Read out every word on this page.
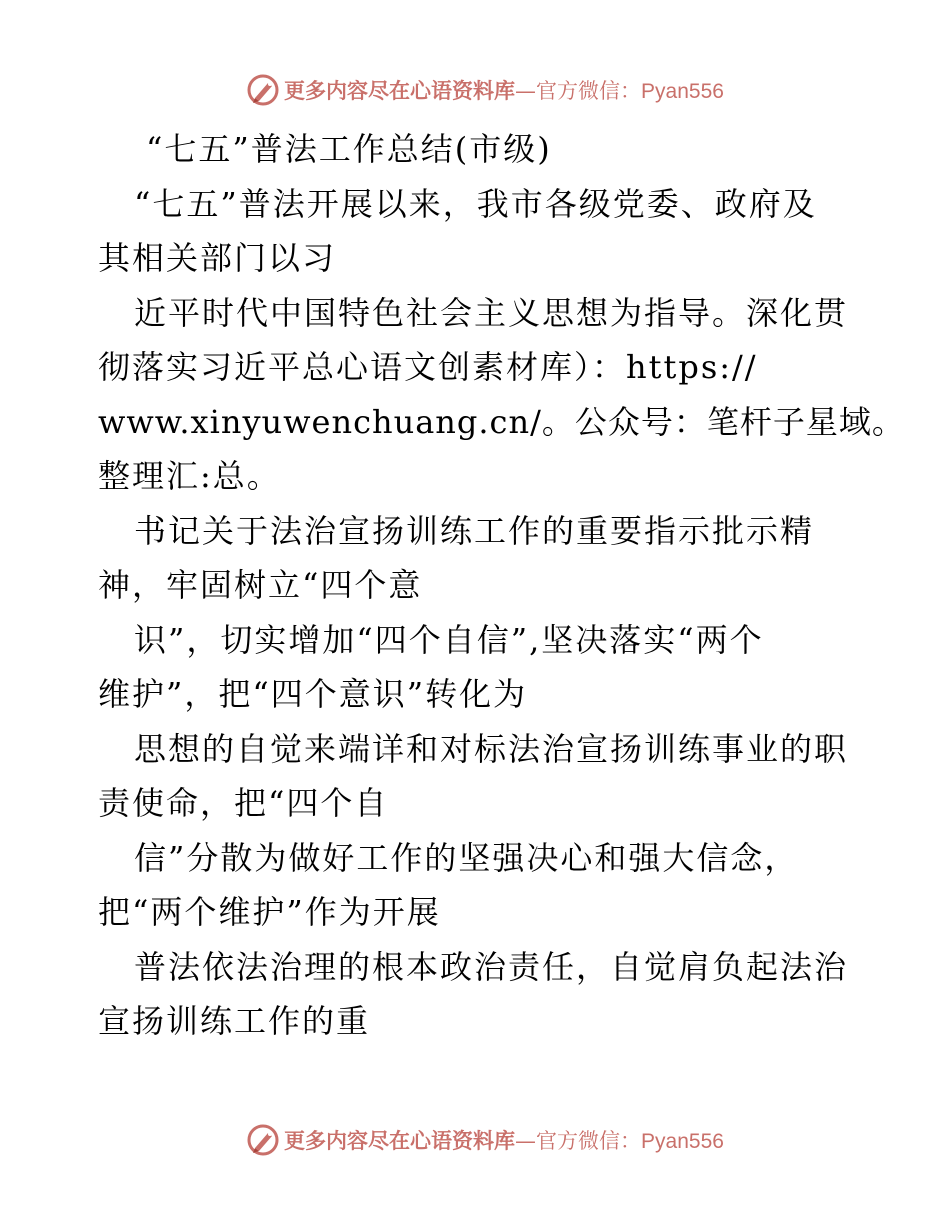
更多内容尽在心语资料库—官方微信：Pyan556
“七五”普法工作总结(市级)
“七五”普法开展以来，我市各级党委、政府及
其相关部门以习
近平时代中国特色社会主义思想为指导。深化贯
彻落实习近平总心语文创素材库）：https://
www.xinyuwenchuang.cn/。公众号：笔杆子星域。
整理汇:总。
书记关于法治宣扬训练工作的重要指示批示精
神，牢固树立“四个意
识”，切实增加“四个自信”,坚决落实“两个
维护”，把“四个意识”转化为
思想的自觉来端详和对标法治宣扬训练事业的职
责使命，把“四个自
信”分散为做好工作的坚强决心和强大信念，
把“两个维护”作为开展
普法依法治理的根本政治责任，自觉肩负起法治
宣扬训练工作的重
更多内容尽在心语资料库—官方微信：Pyan556
